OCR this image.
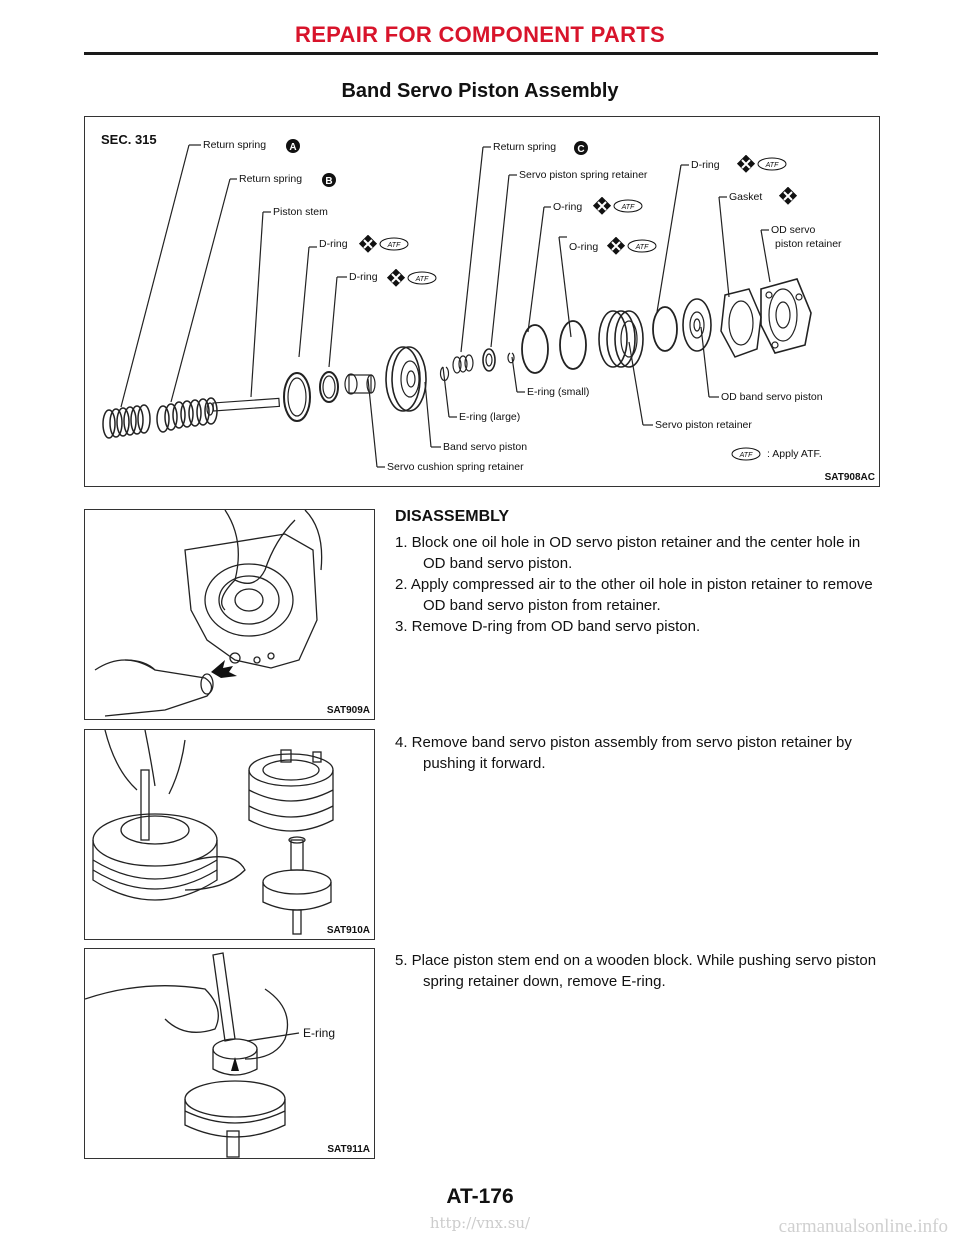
REPAIR FOR COMPONENT PARTS
Band Servo Piston Assembly
SEC. 315	Return spring A
Return spring B
Piston stem
D-ring	ATF
D-ring	ATF
Return spring C
Servo piston spring retainer
O-ring	ATF
O-ring	ATF
D-ring	ATF
Gasket
OD servo
piston retainer
E-ring (small)
E-ring (large)
OD band servo piston
Servo piston retainer
Band servo piston
Servo cushion spring retainer
ATF : Apply ATF.
SAT908AC
SAT909A
SAT910A
E-ring
SAT911A
DISASSEMBLY

1. Block one oil hole in OD servo piston retainer and the center hole in OD band servo piston.

2. Apply compressed air to the other oil hole in piston retainer to remove OD band servo piston from retainer.

3. Remove D-ring from OD band servo piston.

4. Remove band servo piston assembly from servo piston retainer by pushing it forward.

5. Place piston stem end on a wooden block. While pushing servo piston spring retainer down, remove E-ring.

AT-176
http://vnx.su/	carmanualsonline.info
